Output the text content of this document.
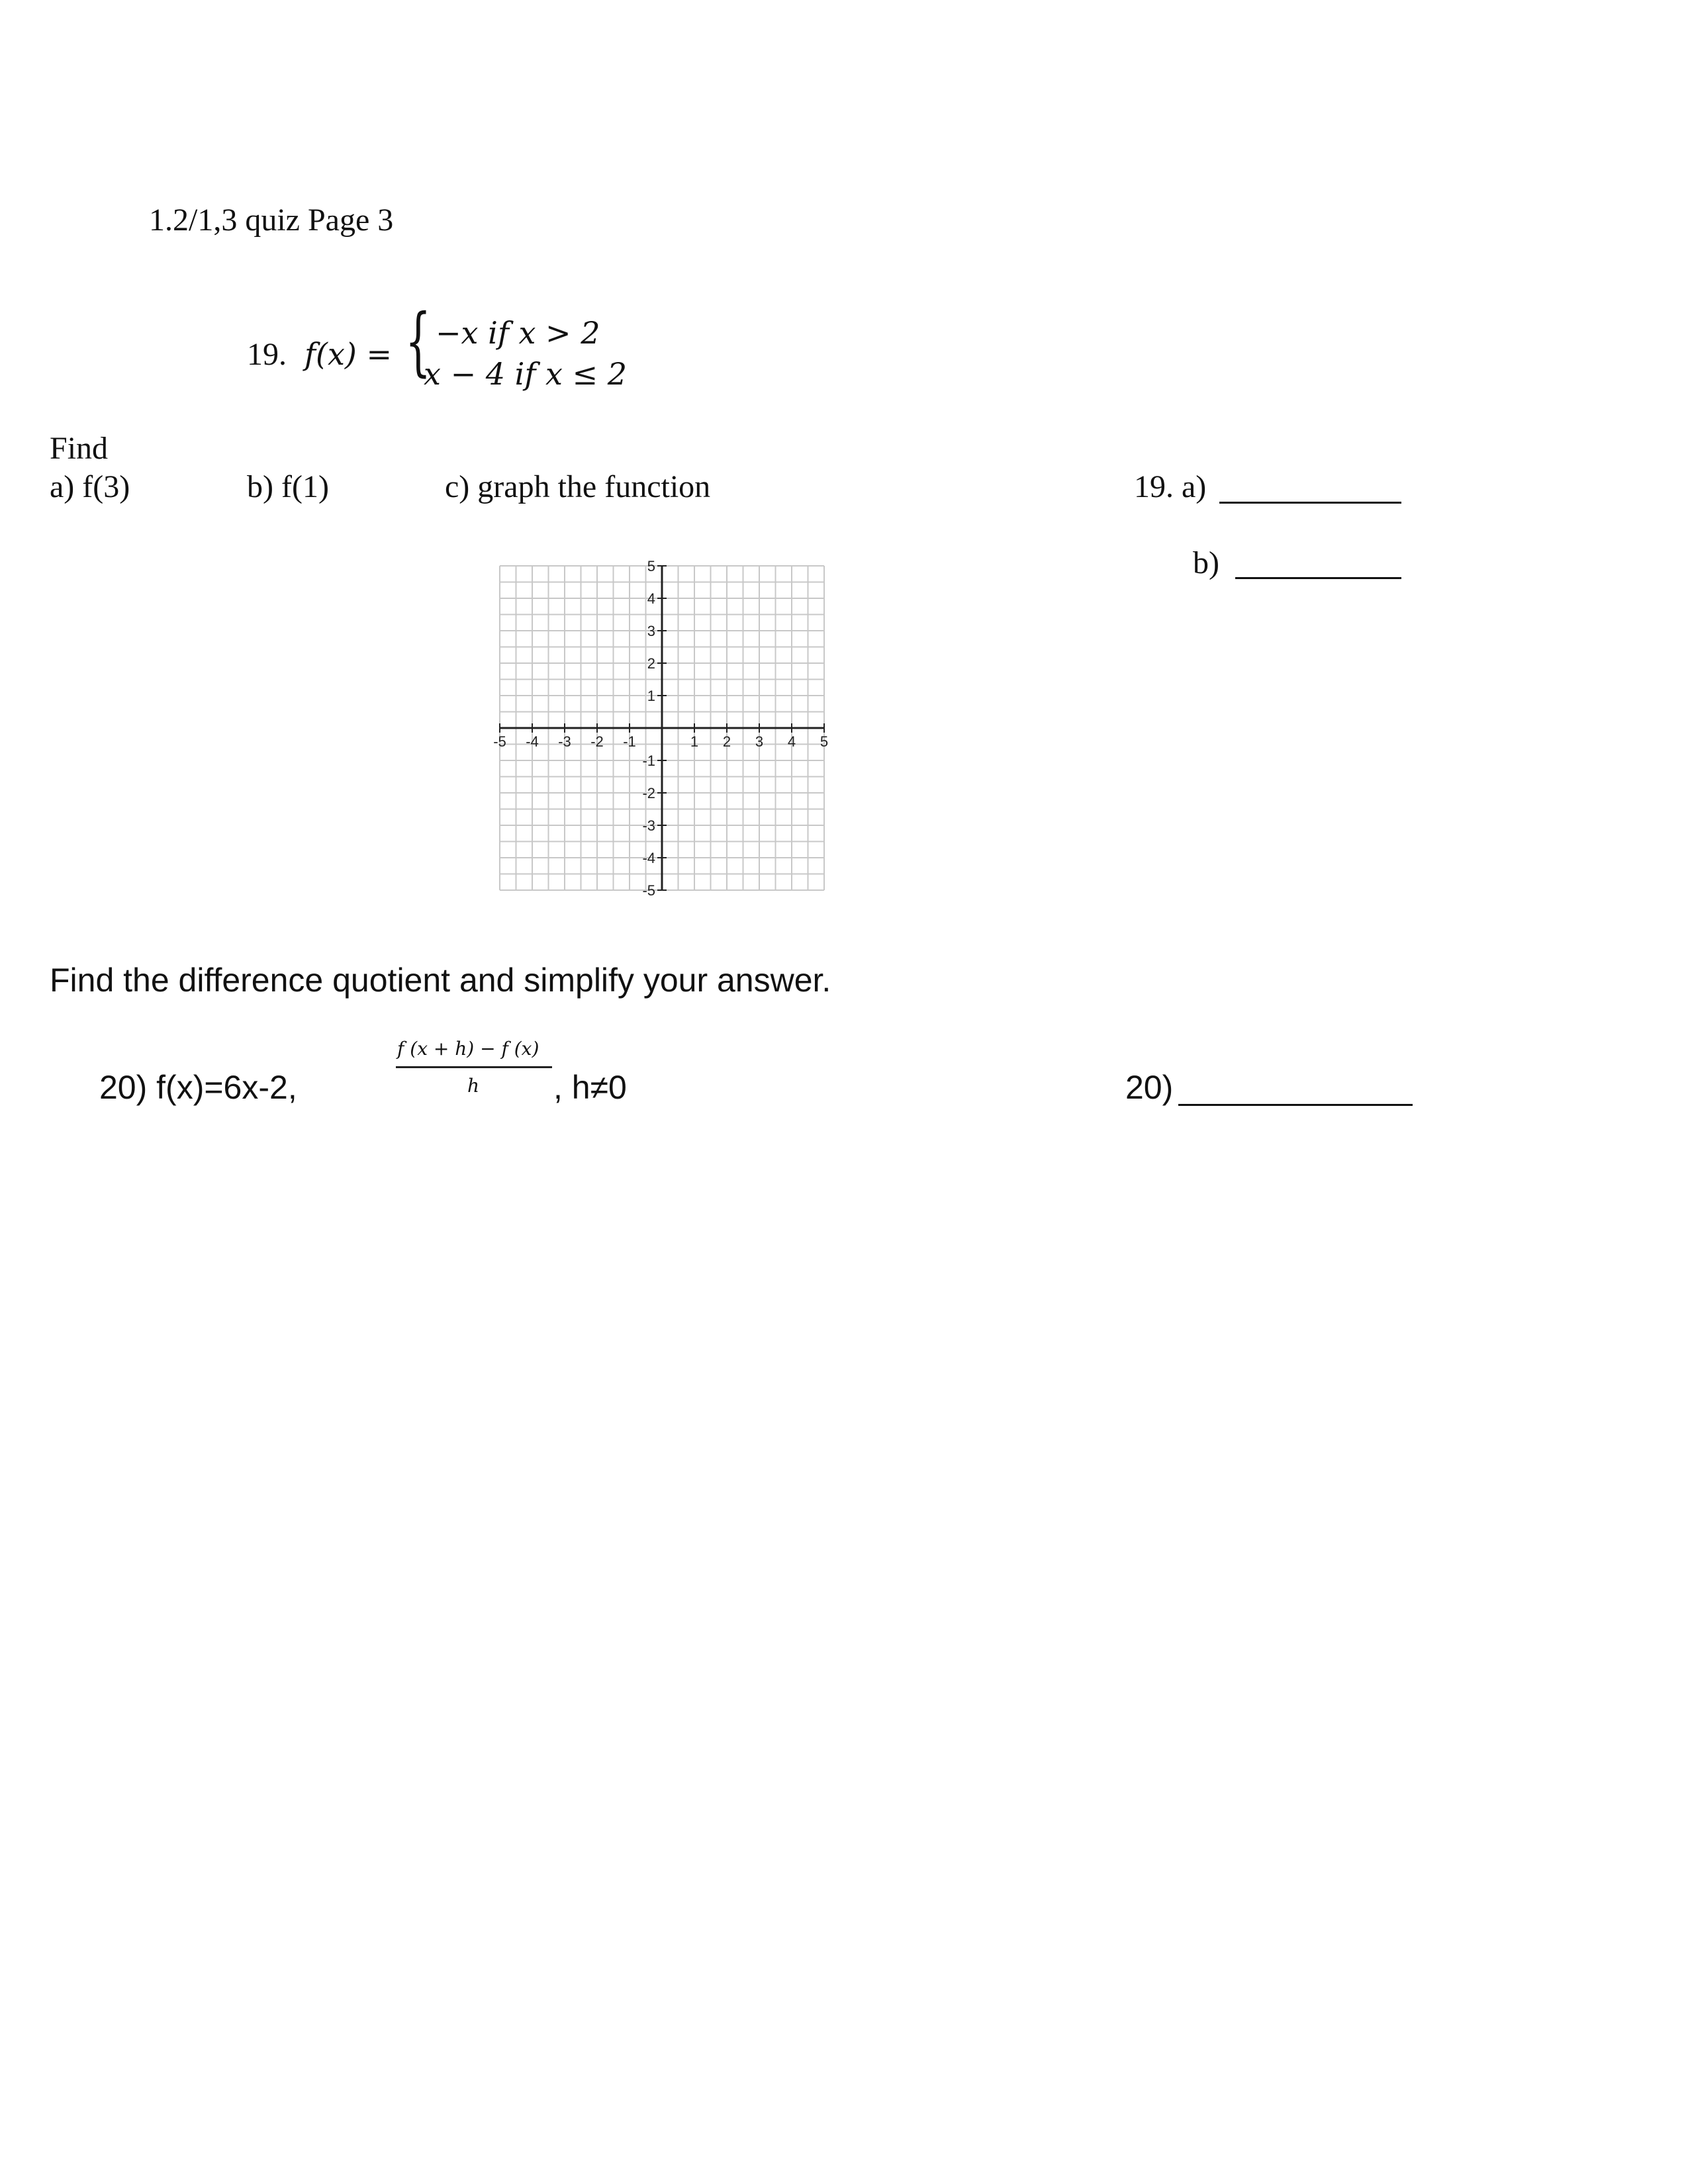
1.2/1,3 quiz Page 3
19. f(x) = { −x if x > 2
x − 4 if x ≤ 2
Find
a) f(3)	b) f(1)	c) graph the function	19. a)
b)
-5 -4 -3 -2 -1	1 2 3 4 5
5
4
3
2
1
-1
-2
-3
-4
-5
Find the difference quotient and simplify your answer.
20) f(x)=6x-2,
f (x + h) − f (x)
h , h≠0	20)
